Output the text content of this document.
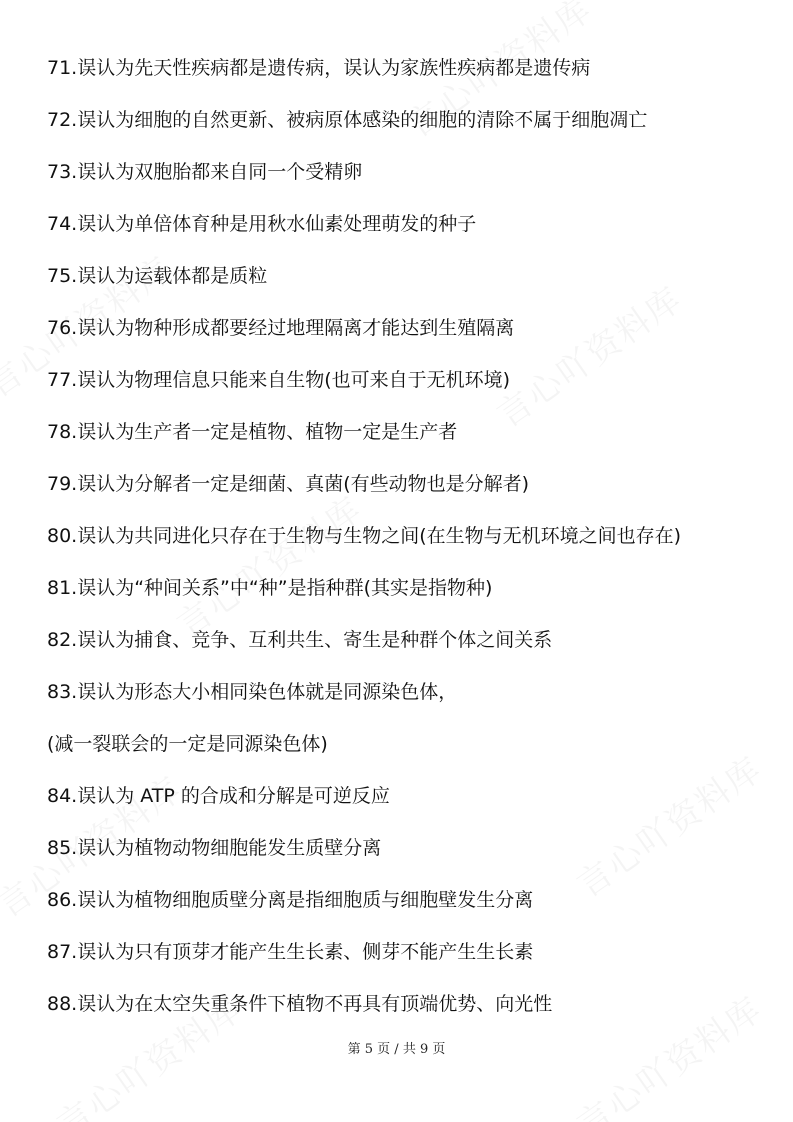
71.误认为先天性疾病都是遗传病，误认为家族性疾病都是遗传病
72.误认为细胞的自然更新、被病原体感染的细胞的清除不属于细胞凋亡
73.误认为双胞胎都来自同一个受精卵
74.误认为单倍体育种是用秋水仙素处理萌发的种子
75.误认为运载体都是质粒
76.误认为物种形成都要经过地理隔离才能达到生殖隔离
77.误认为物理信息只能来自生物(也可来自于无机环境)
78.误认为生产者一定是植物、植物一定是生产者
79.误认为分解者一定是细菌、真菌(有些动物也是分解者)
80.误认为共同进化只存在于生物与生物之间(在生物与无机环境之间也存在)
81.误认为“种间关系”中“种”是指种群(其实是指物种)
82.误认为捕食、竞争、互利共生、寄生是种群个体之间关系
83.误认为形态大小相同染色体就是同源染色体，
(减一裂联会的一定是同源染色体)
84.误认为 ATP 的合成和分解是可逆反应
85.误认为植物动物细胞能发生质壁分离
86.误认为植物细胞质壁分离是指细胞质与细胞壁发生分离
87.误认为只有顶芽才能产生生长素、侧芽不能产生生长素
88.误认为在太空失重条件下植物不再具有顶端优势、向光性
第 5 页 / 共 9 页
